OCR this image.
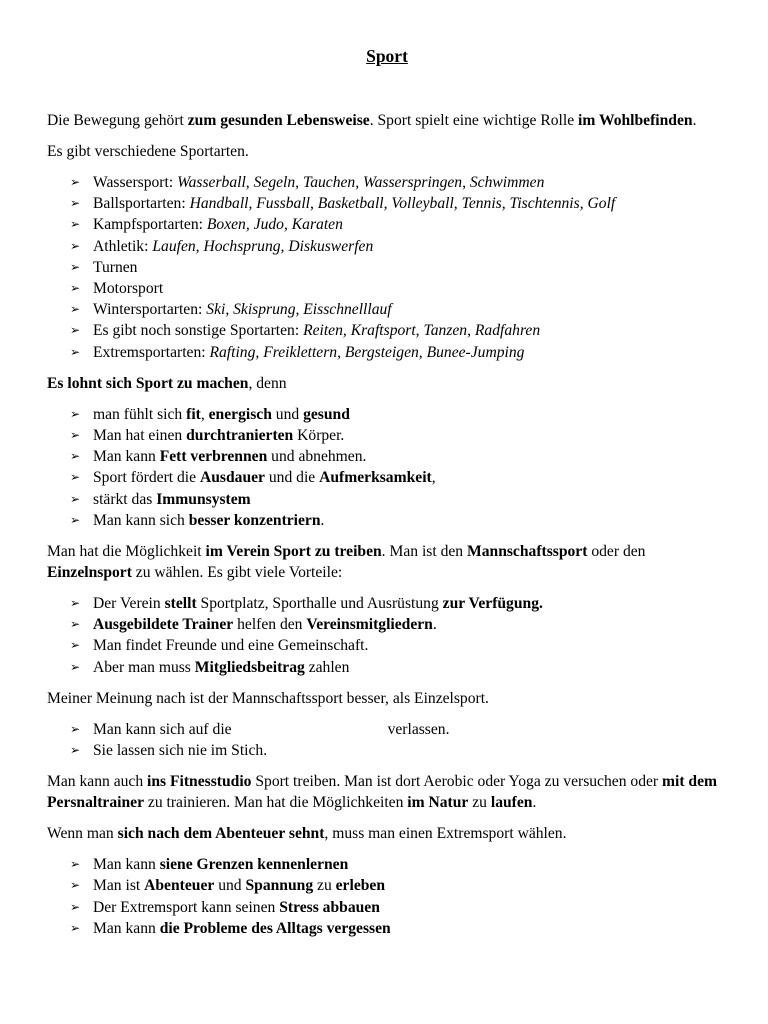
Sport

Die Bewegung gehört zum gesunden Lebensweise. Sport spielt eine wichtige Rolle im Wohlbefinden.

Es gibt verschiedene Sportarten.

➢ Wassersport: Wasserball, Segeln, Tauchen, Wasserspringen, Schwimmen
➢ Ballsportarten: Handball, Fussball, Basketball, Volleyball, Tennis, Tischtennis, Golf
➢ Kampfsportarten: Boxen, Judo, Karaten
➢ Athletik: Laufen, Hochsprung, Diskuswerfen
➢ Turnen
➢ Motorsport
➢ Wintersportarten: Ski, Skisprung, Eisschnelllauf
➢ Es gibt noch sonstige Sportarten: Reiten, Kraftsport, Tanzen, Radfahren
➢ Extremsportarten: Rafting, Freiklettern, Bergsteigen, Bunee-Jumping

Es lohnt sich Sport zu machen, denn

➢ man fühlt sich fit, energisch und gesund
➢ Man hat einen durchtranierten Körper.
➢ Man kann Fett verbrennen und abnehmen.
➢ Sport fördert die Ausdauer und die Aufmerksamkeit,
➢ stärkt das Immunsystem
➢ Man kann sich besser konzentriern.

Man hat die Möglichkeit im Verein Sport zu treiben. Man ist den Mannschaftssport oder den Einzelnsport zu wählen. Es gibt viele Vorteile:

➢ Der Verein stellt Sportplatz, Sporthalle und Ausrüstung zur Verfügung.
➢ Ausgebildete Trainer helfen den Vereinsmitgliedern.
➢ Man findet Freunde und eine Gemeinschaft.
➢ Aber man muss Mitgliedsbeitrag zahlen

Meiner Meinung nach ist der Mannschaftssport besser, als Einzelsport.

➢ Man kann sich auf die	verlassen.
➢ Sie lassen sich nie im Stich.

Man kann auch ins Fitnesstudio Sport treiben. Man ist dort Aerobic oder Yoga zu versuchen oder mit dem Persnaltrainer zu trainieren. Man hat die Möglichkeiten im Natur zu laufen.

Wenn man sich nach dem Abenteuer sehnt, muss man einen Extremsport wählen.

➢ Man kann siene Grenzen kennenlernen
➢ Man ist Abenteuer und Spannung zu erleben
➢ Der Extremsport kann seinen Stress abbauen
➢ Man kann die Probleme des Alltags vergessen
